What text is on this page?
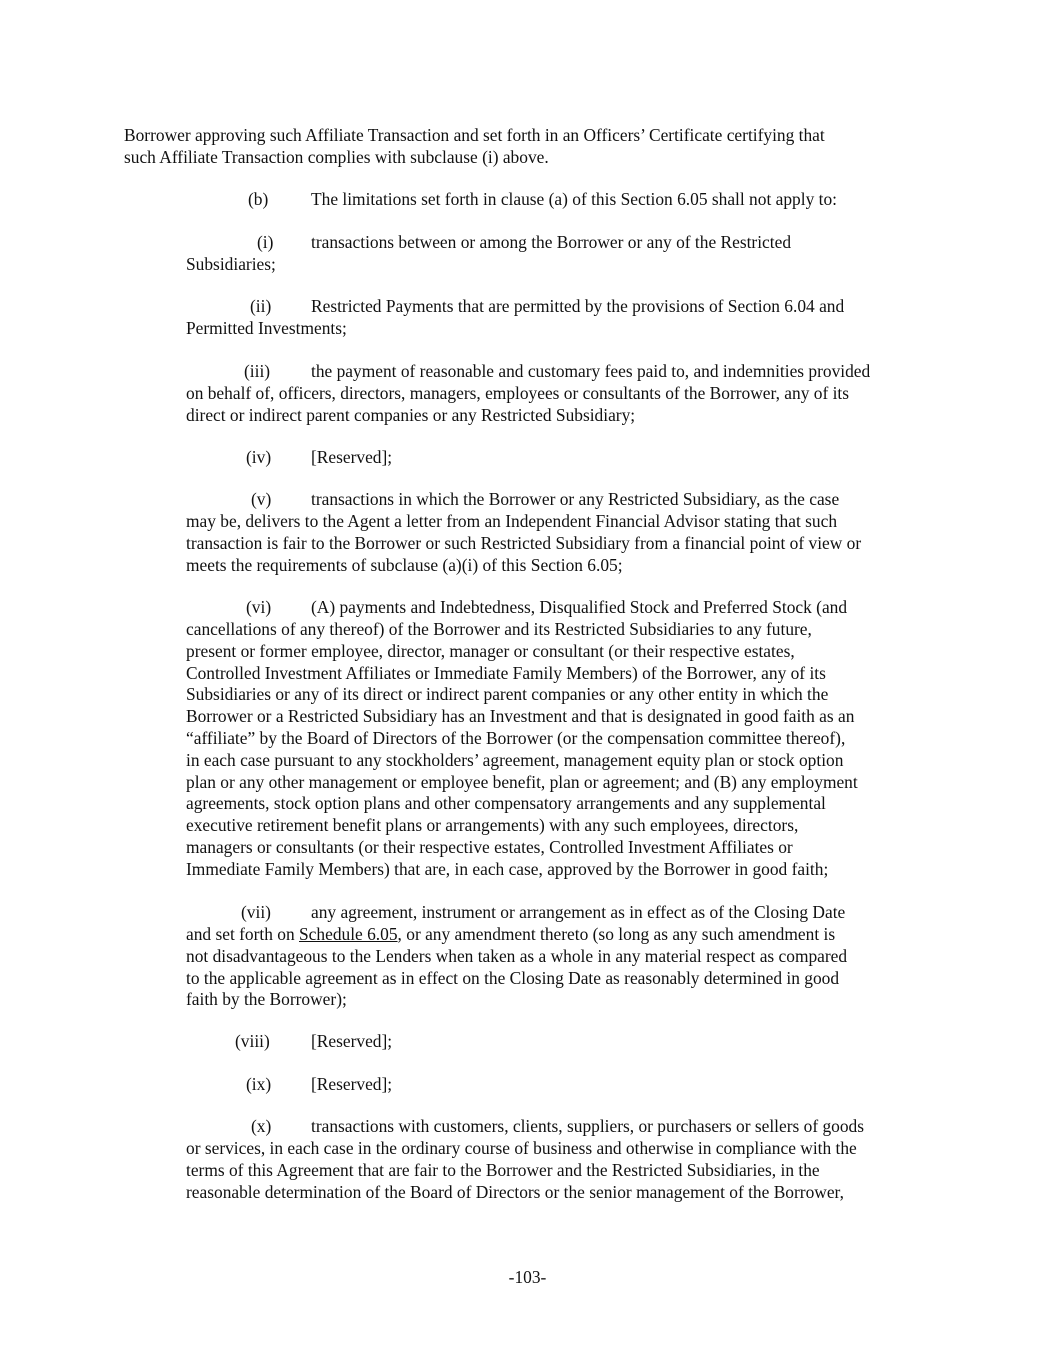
Borrower approving such Affiliate Transaction and set forth in an Officers’ Certificate certifying that
such Affiliate Transaction complies with subclause (i) above.
(b) The limitations set forth in clause (a) of this Section 6.05 shall not apply to:
(i) transactions between or among the Borrower or any of the Restricted
Subsidiaries;
(ii) Restricted Payments that are permitted by the provisions of Section 6.04 and
Permitted Investments;
(iii) the payment of reasonable and customary fees paid to, and indemnities provided
on behalf of, officers, directors, managers, employees or consultants of the Borrower, any of its
direct or indirect parent companies or any Restricted Subsidiary;
(iv) [Reserved];
(v) transactions in which the Borrower or any Restricted Subsidiary, as the case
may be, delivers to the Agent a letter from an Independent Financial Advisor stating that such
transaction is fair to the Borrower or such Restricted Subsidiary from a financial point of view or
meets the requirements of subclause (a)(i) of this Section 6.05;
(vi) (A) payments and Indebtedness, Disqualified Stock and Preferred Stock (and
cancellations of any thereof) of the Borrower and its Restricted Subsidiaries to any future,
present or former employee, director, manager or consultant (or their respective estates,
Controlled Investment Affiliates or Immediate Family Members) of the Borrower, any of its
Subsidiaries or any of its direct or indirect parent companies or any other entity in which the
Borrower or a Restricted Subsidiary has an Investment and that is designated in good faith as an
“affiliate” by the Board of Directors of the Borrower (or the compensation committee thereof),
in each case pursuant to any stockholders’ agreement, management equity plan or stock option
plan or any other management or employee benefit, plan or agreement; and (B) any employment
agreements, stock option plans and other compensatory arrangements and any supplemental
executive retirement benefit plans or arrangements) with any such employees, directors,
managers or consultants (or their respective estates, Controlled Investment Affiliates or
Immediate Family Members) that are, in each case, approved by the Borrower in good faith;
(vii) any agreement, instrument or arrangement as in effect as of the Closing Date
and set forth on Schedule 6.05, or any amendment thereto (so long as any such amendment is
not disadvantageous to the Lenders when taken as a whole in any material respect as compared
to the applicable agreement as in effect on the Closing Date as reasonably determined in good
faith by the Borrower);
(viii) [Reserved];
(ix) [Reserved];
(x) transactions with customers, clients, suppliers, or purchasers or sellers of goods
or services, in each case in the ordinary course of business and otherwise in compliance with the
terms of this Agreement that are fair to the Borrower and the Restricted Subsidiaries, in the
reasonable determination of the Board of Directors or the senior management of the Borrower,
-103-
